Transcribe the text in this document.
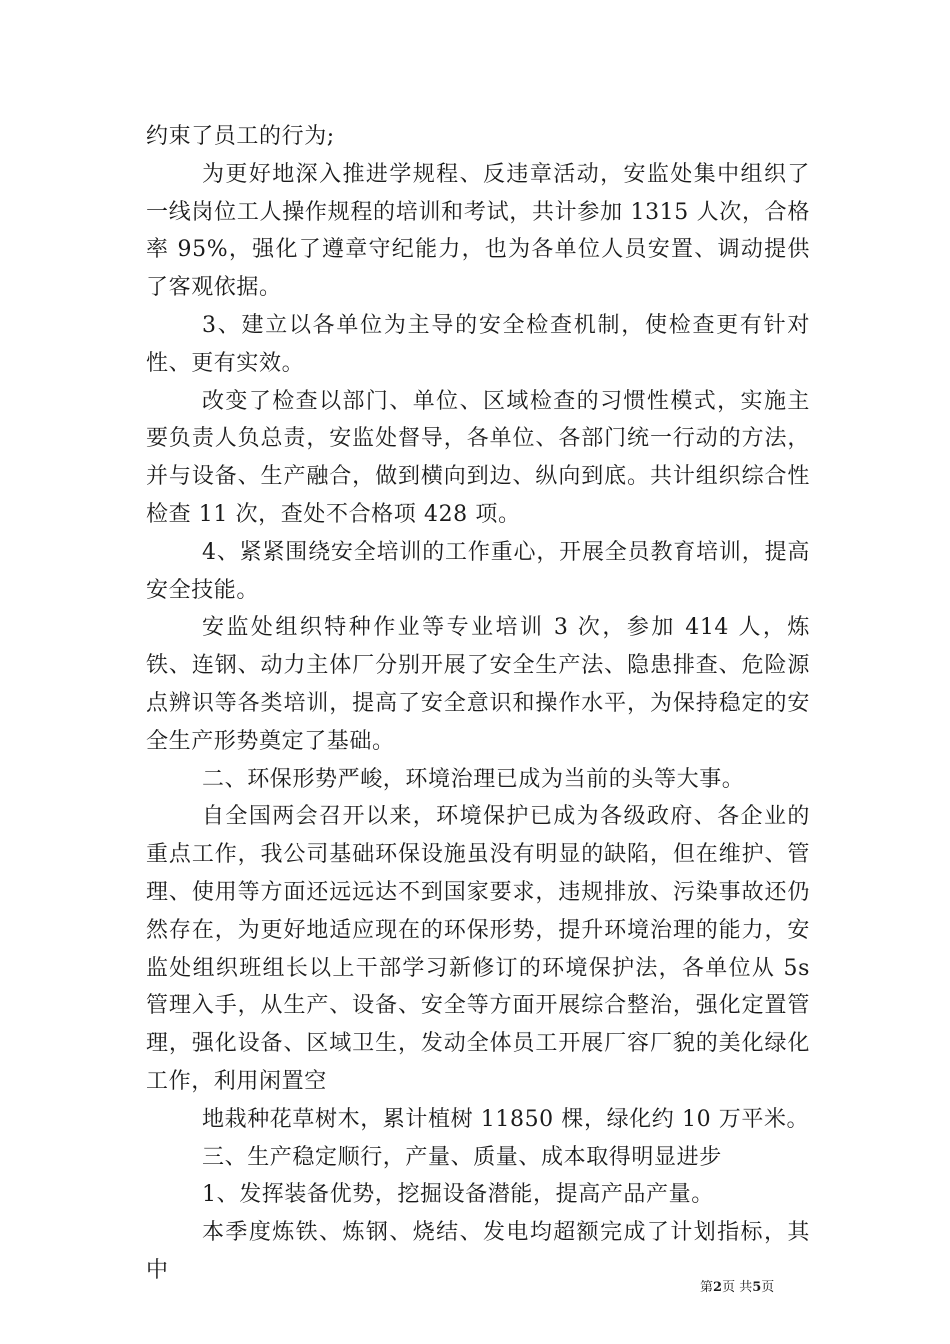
约束了员工的行为;

为更好地深入推进学规程、反违章活动，安监处集中组织了一线岗位工人操作规程的培训和考试，共计参加 1315 人次，合格率 95%，强化了遵章守纪能力，也为各单位人员安置、调动提供了客观依据。

3、建立以各单位为主导的安全检查机制，使检查更有针对性、更有实效。

改变了检查以部门、单位、区域检查的习惯性模式，实施主要负责人负总责，安监处督导，各单位、各部门统一行动的方法，并与设备、生产融合，做到横向到边、纵向到底。共计组织综合性检查 11 次，查处不合格项 428 项。

4、紧紧围绕安全培训的工作重心，开展全员教育培训，提高安全技能。

安监处组织特种作业等专业培训 3 次，参加 414 人，炼铁、连钢、动力主体厂分别开展了安全生产法、隐患排查、危险源点辨识等各类培训，提高了安全意识和操作水平，为保持稳定的安全生产形势奠定了基础。

二、环保形势严峻，环境治理已成为当前的头等大事。

自全国两会召开以来，环境保护已成为各级政府、各企业的重点工作，我公司基础环保设施虽没有明显的缺陷，但在维护、管理、使用等方面还远远达不到国家要求，违规排放、污染事故还仍然存在，为更好地适应现在的环保形势，提升环境治理的能力，安监处组织班组长以上干部学习新修订的环境保护法，各单位从 5s 管理入手，从生产、设备、安全等方面开展综合整治，强化定置管理，强化设备、区域卫生，发动全体员工开展厂容厂貌的美化绿化工作，利用闲置空

地栽种花草树木，累计植树 11850 棵，绿化约 10 万平米。

三、生产稳定顺行，产量、质量、成本取得明显进步

1、发挥装备优势，挖掘设备潜能，提高产品产量。

本季度炼铁、炼钢、烧结、发电均超额完成了计划指标，其中

第2页 共5页
